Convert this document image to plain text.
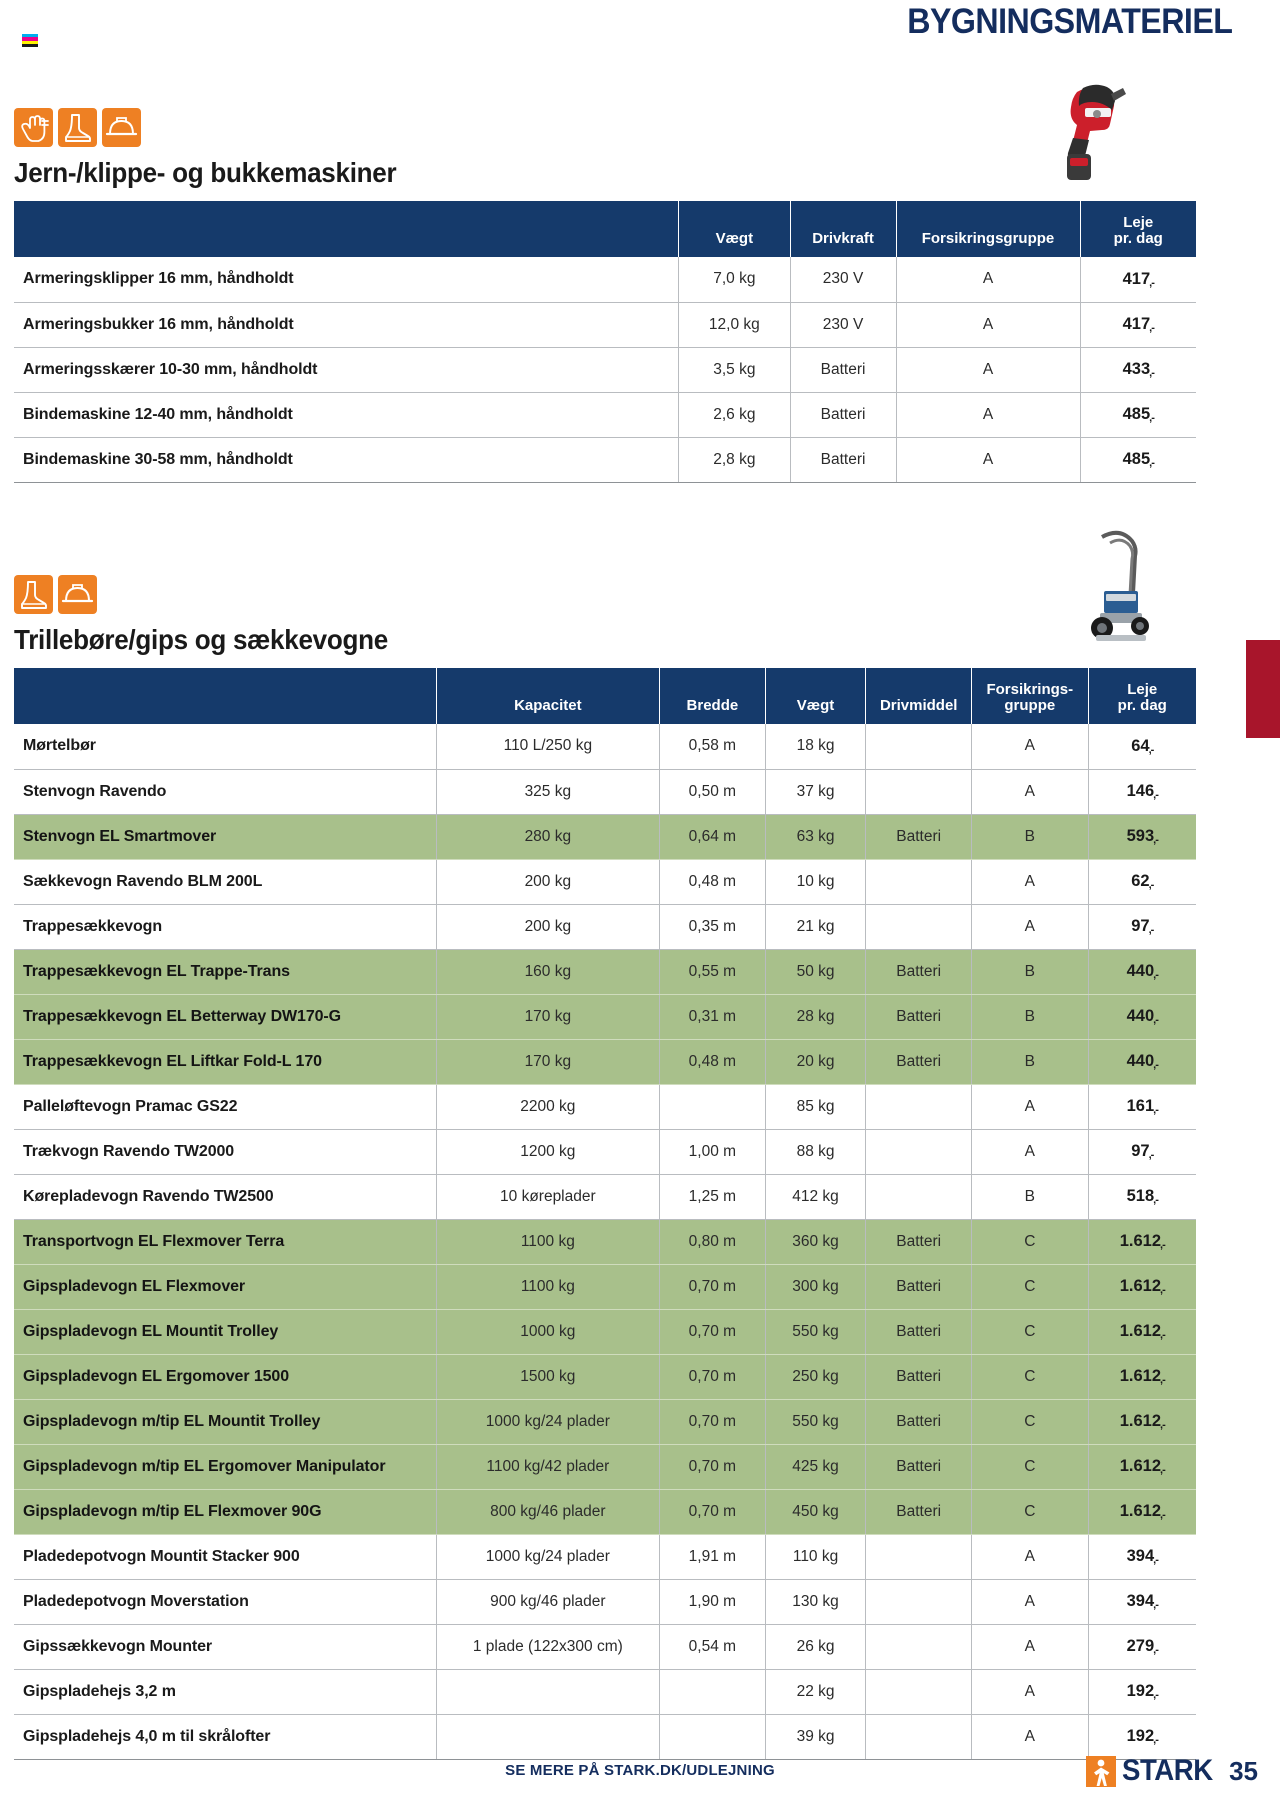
BYGNINGSMATERIEL
Jern-/klippe- og bukkemaskiner
	Vægt	Drivkraft	Forsikringsgruppe	Leje
pr. dag
Armeringsklipper 16 mm, håndholdt	7,0 kg	230 V	A	417,-
Armeringsbukker 16 mm, håndholdt	12,0 kg	230 V	A	417,-
Armeringsskærer 10-30 mm, håndholdt	3,5 kg	Batteri	A	433,-
Bindemaskine 12-40 mm, håndholdt	2,6 kg	Batteri	A	485,-
Bindemaskine 30-58 mm, håndholdt	2,8 kg	Batteri	A	485,-
Trillebøre/gips og sækkevogne
	Kapacitet	Bredde	Vægt	Drivmiddel	Forsikrings-
gruppe	Leje
pr. dag
Mørtelbør	110 L/250 kg	0,58 m	18 kg		A	64,-
Stenvogn Ravendo	325 kg	0,50 m	37 kg		A	146,-
Stenvogn EL Smartmover	280 kg	0,64 m	63 kg	Batteri	B	593,-
Sækkevogn Ravendo BLM 200L	200 kg	0,48 m	10 kg		A	62,-
Trappesækkevogn	200 kg	0,35 m	21 kg		A	97,-
Trappesækkevogn EL Trappe-Trans	160 kg	0,55 m	50 kg	Batteri	B	440,-
Trappesækkevogn EL Betterway DW170-G	170 kg	0,31 m	28 kg	Batteri	B	440,-
Trappesækkevogn EL Liftkar Fold-L 170	170 kg	0,48 m	20 kg	Batteri	B	440,-
Palleløftevogn Pramac GS22	2200 kg		85 kg		A	161,-
Trækvogn Ravendo TW2000	1200 kg	1,00 m	88 kg		A	97,-
Kørepladevogn Ravendo TW2500	10 køreplader	1,25 m	412 kg		B	518,-
Transportvogn EL Flexmover Terra	1100 kg	0,80 m	360 kg	Batteri	C	1.612,-
Gipspladevogn EL Flexmover	1100 kg	0,70 m	300 kg	Batteri	C	1.612,-
Gipspladevogn EL Mountit Trolley	1000 kg	0,70 m	550 kg	Batteri	C	1.612,-
Gipspladevogn EL Ergomover 1500	1500 kg	0,70 m	250 kg	Batteri	C	1.612,-
Gipspladevogn m/tip EL Mountit Trolley	1000 kg/24 plader	0,70 m	550 kg	Batteri	C	1.612,-
Gipspladevogn m/tip EL Ergomover Manipulator	1100 kg/42 plader	0,70 m	425 kg	Batteri	C	1.612,-
Gipspladevogn m/tip EL Flexmover 90G	800 kg/46 plader	0,70 m	450 kg	Batteri	C	1.612,-
Pladedepotvogn Mountit Stacker 900	1000 kg/24 plader	1,91 m	110 kg		A	394,-
Pladedepotvogn Moverstation	900 kg/46 plader	1,90 m	130 kg		A	394,-
Gipssækkevogn Mounter	1 plade (122x300 cm)	0,54 m	26 kg		A	279,-
Gipspladehejs 3,2 m			22 kg		A	192,-
Gipspladehejs 4,0 m til skrålofter			39 kg		A	192,-
SE MERE PÅ STARK.DK/UDLEJNING	STARK 35
